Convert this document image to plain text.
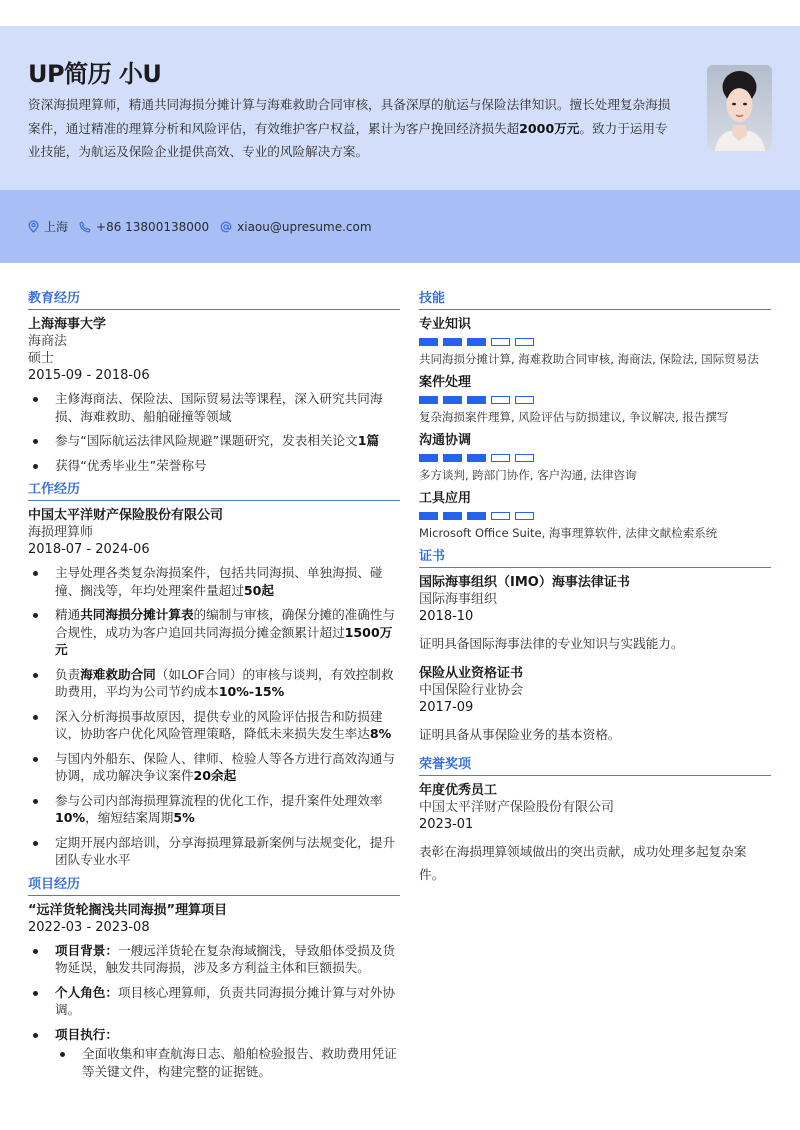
UP简历 小U
资深海损理算师，精通共同海损分摊计算与海难救助合同审核，具备深厚的航运与保险法律知识。擅长处理复杂海损案件，通过精准的理算分析和风险评估，有效维护客户权益，累计为客户挽回经济损失超2000万元。致力于运用专业技能，为航运及保险企业提供高效、专业的风险解决方案。
上海 +86 13800138000 xiaou@upresume.com
教育经历
上海海事大学
海商法
硕士
2015-09 - 2018-06
主修海商法、保险法、国际贸易法等课程，深入研究共同海损、海难救助、船舶碰撞等领域
参与“国际航运法律风险规避”课题研究，发表相关论文1篇
获得“优秀毕业生”荣誉称号
工作经历
中国太平洋财产保险股份有限公司
海损理算师
2018-07 - 2024-06
主导处理各类复杂海损案件，包括共同海损、单独海损、碰撞、搁浅等，年均处理案件量超过50起
精通共同海损分摊计算表的编制与审核，确保分摊的准确性与合规性，成功为客户追回共同海损分摊金额累计超过1500万元
负责海难救助合同（如LOF合同）的审核与谈判，有效控制救助费用，平均为公司节约成本10%-15%
深入分析海损事故原因，提供专业的风险评估报告和防损建议，协助客户优化风险管理策略，降低未来损失发生率达8%
与国内外船东、保险人、律师、检验人等各方进行高效沟通与协调，成功解决争议案件20余起
参与公司内部海损理算流程的优化工作，提升案件处理效率10%，缩短结案周期5%
定期开展内部培训，分享海损理算最新案例与法规变化，提升团队专业水平
项目经历
“远洋货轮搁浅共同海损”理算项目
2022-03 - 2023-08
项目背景：一艘远洋货轮在复杂海域搁浅，导致船体受损及货物延误，触发共同海损，涉及多方利益主体和巨额损失。
个人角色：项目核心理算师，负责共同海损分摊计算与对外协调。
项目执行：
全面收集和审查航海日志、船舶检验报告、救助费用凭证等关键文件，构建完整的证据链。
技能
专业知识
共同海损分摊计算, 海难救助合同审核, 海商法, 保险法, 国际贸易法
案件处理
复杂海损案件理算, 风险评估与防损建议, 争议解决, 报告撰写
沟通协调
多方谈判, 跨部门协作, 客户沟通, 法律咨询
工具应用
Microsoft Office Suite, 海事理算软件, 法律文献检索系统
证书
国际海事组织（IMO）海事法律证书
国际海事组织
2018-10
证明具备国际海事法律的专业知识与实践能力。
保险从业资格证书
中国保险行业协会
2017-09
证明具备从事保险业务的基本资格。
荣誉奖项
年度优秀员工
中国太平洋财产保险股份有限公司
2023-01
表彰在海损理算领域做出的突出贡献，成功处理多起复杂案件。
